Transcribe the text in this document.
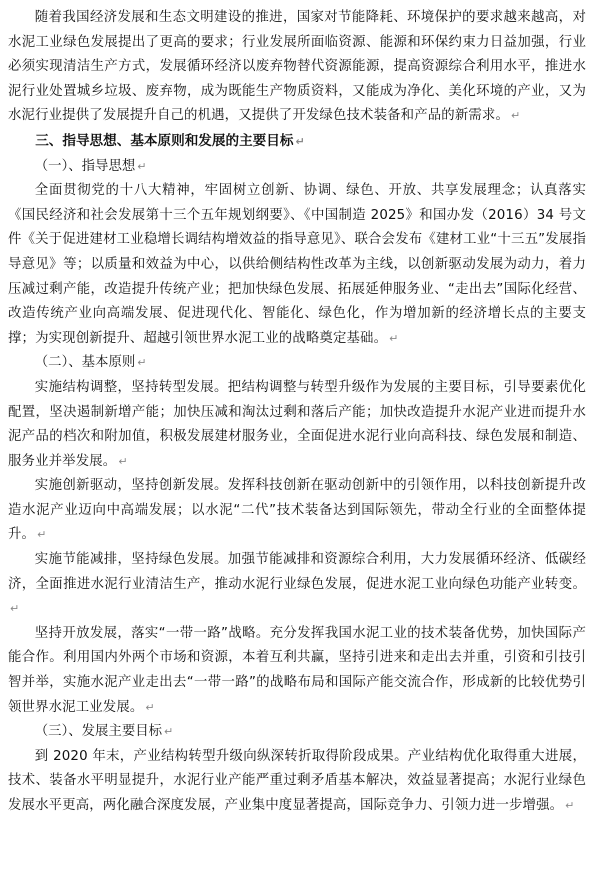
随着我国经济发展和生态文明建设的推进，国家对节能降耗、环境保护的要求越来越高，对水泥工业绿色发展提出了更高的要求；行业发展所面临资源、能源和环保约束力日益加强，行业必须实现清洁生产方式，发展循环经济以废弃物替代资源能源，提高资源综合利用水平，推进水泥行业处置城乡垃圾、废弃物，成为既能生产物质资料，又能成为净化、美化环境的产业，又为水泥行业提供了发展提升自己的机遇，又提供了开发绿色技术装备和产品的新需求。 ↵

三、指导思想、基本原则和发展的主要目标 ↵

（一）、指导思想 ↵

全面贯彻党的十八大精神，牢固树立创新、协调、绿色、开放、共享发展理念；认真落实《国民经济和社会发展第十三个五年规划纲要》、《中国制造 2025》和国办发（2016）34 号文件《关于促进建材工业稳增长调结构增效益的指导意见》、联合会发布《建材工业“十三五”发展指导意见》等；以质量和效益为中心，以供给侧结构性改革为主线，以创新驱动发展为动力，着力压减过剩产能，改造提升传统产业；把加快绿色发展、拓展延伸服务业、“走出去”国际化经营、改造传统产业向高端发展、促进现代化、智能化、绿色化，作为增加新的经济增长点的主要支撑；为实现创新提升、超越引领世界水泥工业的战略奠定基础。 ↵

（二）、基本原则 ↵

实施结构调整，坚持转型发展。把结构调整与转型升级作为发展的主要目标，引导要素优化配置，坚决遏制新增产能；加快压减和淘汰过剩和落后产能；加快改造提升水泥产业进而提升水泥产品的档次和附加值，积极发展建材服务业，全面促进水泥行业向高科技、绿色发展和制造、服务业并举发展。 ↵

实施创新驱动，坚持创新发展。发挥科技创新在驱动创新中的引领作用，以科技创新提升改造水泥产业迈向中高端发展；以水泥“二代”技术装备达到国际领先，带动全行业的全面整体提升。 ↵

实施节能减排，坚持绿色发展。加强节能减排和资源综合利用，大力发展循环经济、低碳经济，全面推进水泥行业清洁生产，推动水泥行业绿色发展，促进水泥工业向绿色功能产业转变。↵

坚持开放发展，落实“一带一路”战略。充分发挥我国水泥工业的技术装备优势，加快国际产能合作。利用国内外两个市场和资源，本着互利共赢，坚持引进来和走出去并重，引资和引技引智并举，实施水泥产业走出去“一带一路”的战略布局和国际产能交流合作，形成新的比较优势引领世界水泥工业发展。 ↵

（三）、发展主要目标 ↵

到 2020 年末，产业结构转型升级向纵深转折取得阶段成果。产业结构优化取得重大进展，技术、装备水平明显提升，水泥行业产能严重过剩矛盾基本解决，效益显著提高；水泥行业绿色发展水平更高，两化融合深度发展，产业集中度显著提高，国际竞争力、引领力进一步增强。 ↵
